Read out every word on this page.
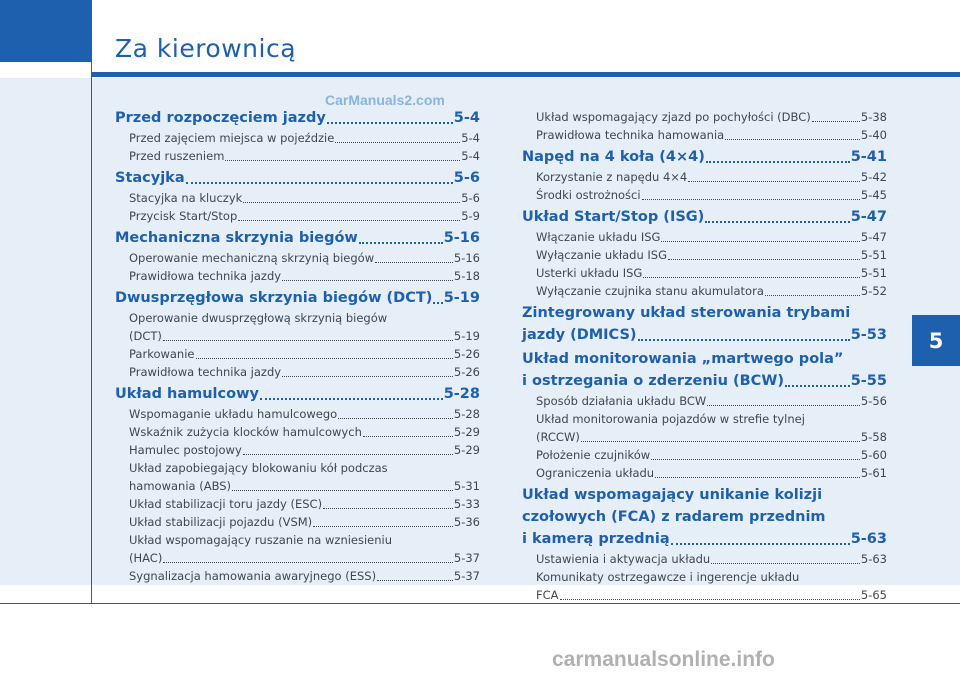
Za kierownicą
CarManuals2.com
carmanualsonline.info
5
Przed rozpoczęciem jazdy	5-4
Przed zajęciem miejsca w pojeździe	5-4
Przed ruszeniem	5-4
Stacyjka	5-6
Stacyjka na kluczyk	5-6
Przycisk Start/Stop	5-9
Mechaniczna skrzynia biegów	5-16
Operowanie mechaniczną skrzynią biegów	5-16
Prawidłowa technika jazdy	5-18
Dwusprzęgłowa skrzynia biegów (DCT) 5-19
Operowanie dwusprzęgłową skrzynią biegów
(DCT)	5-19
Parkowanie	5-26
Prawidłowa technika jazdy	5-26
Układ hamulcowy	5-28
Wspomaganie układu hamulcowego	5-28
Wskaźnik zużycia klocków hamulcowych	5-29
Hamulec postojowy	5-29
Układ zapobiegający blokowaniu kół podczas
hamowania (ABS)	5-31
Układ stabilizacji toru jazdy (ESC)	5-33
Układ stabilizacji pojazdu (VSM)	5-36
Układ wspomagający ruszanie na wzniesieniu
(HAC)	5-37
Sygnalizacja hamowania awaryjnego (ESS)	5-37
Układ wspomagający zjazd po pochyłości (DBC)	5-38
Prawidłowa technika hamowania	5-40
Napęd na 4 koła (4×4)	5-41
Korzystanie z napędu 4×4	5-42
Środki ostrożności	5-45
Układ Start/Stop (ISG)	5-47
Włączanie układu ISG	5-47
Wyłączanie układu ISG	5-51
Usterki układu ISG	5-51
Wyłączanie czujnika stanu akumulatora	5-52
Zintegrowany układ sterowania trybami
jazdy (DMICS)	5-53
Układ monitorowania „martwego pola”
i ostrzegania o zderzeniu (BCW)	5-55
Sposób działania układu BCW	5-56
Układ monitorowania pojazdów w strefie tylnej
(RCCW)	5-58
Położenie czujników	5-60
Ograniczenia układu	5-61
Układ wspomagający unikanie kolizji
czołowych (FCA) z radarem przednim
i kamerą przednią	5-63
Ustawienia i aktywacja układu	5-63
Komunikaty ostrzegawcze i ingerencje układu
FCA	5-65
